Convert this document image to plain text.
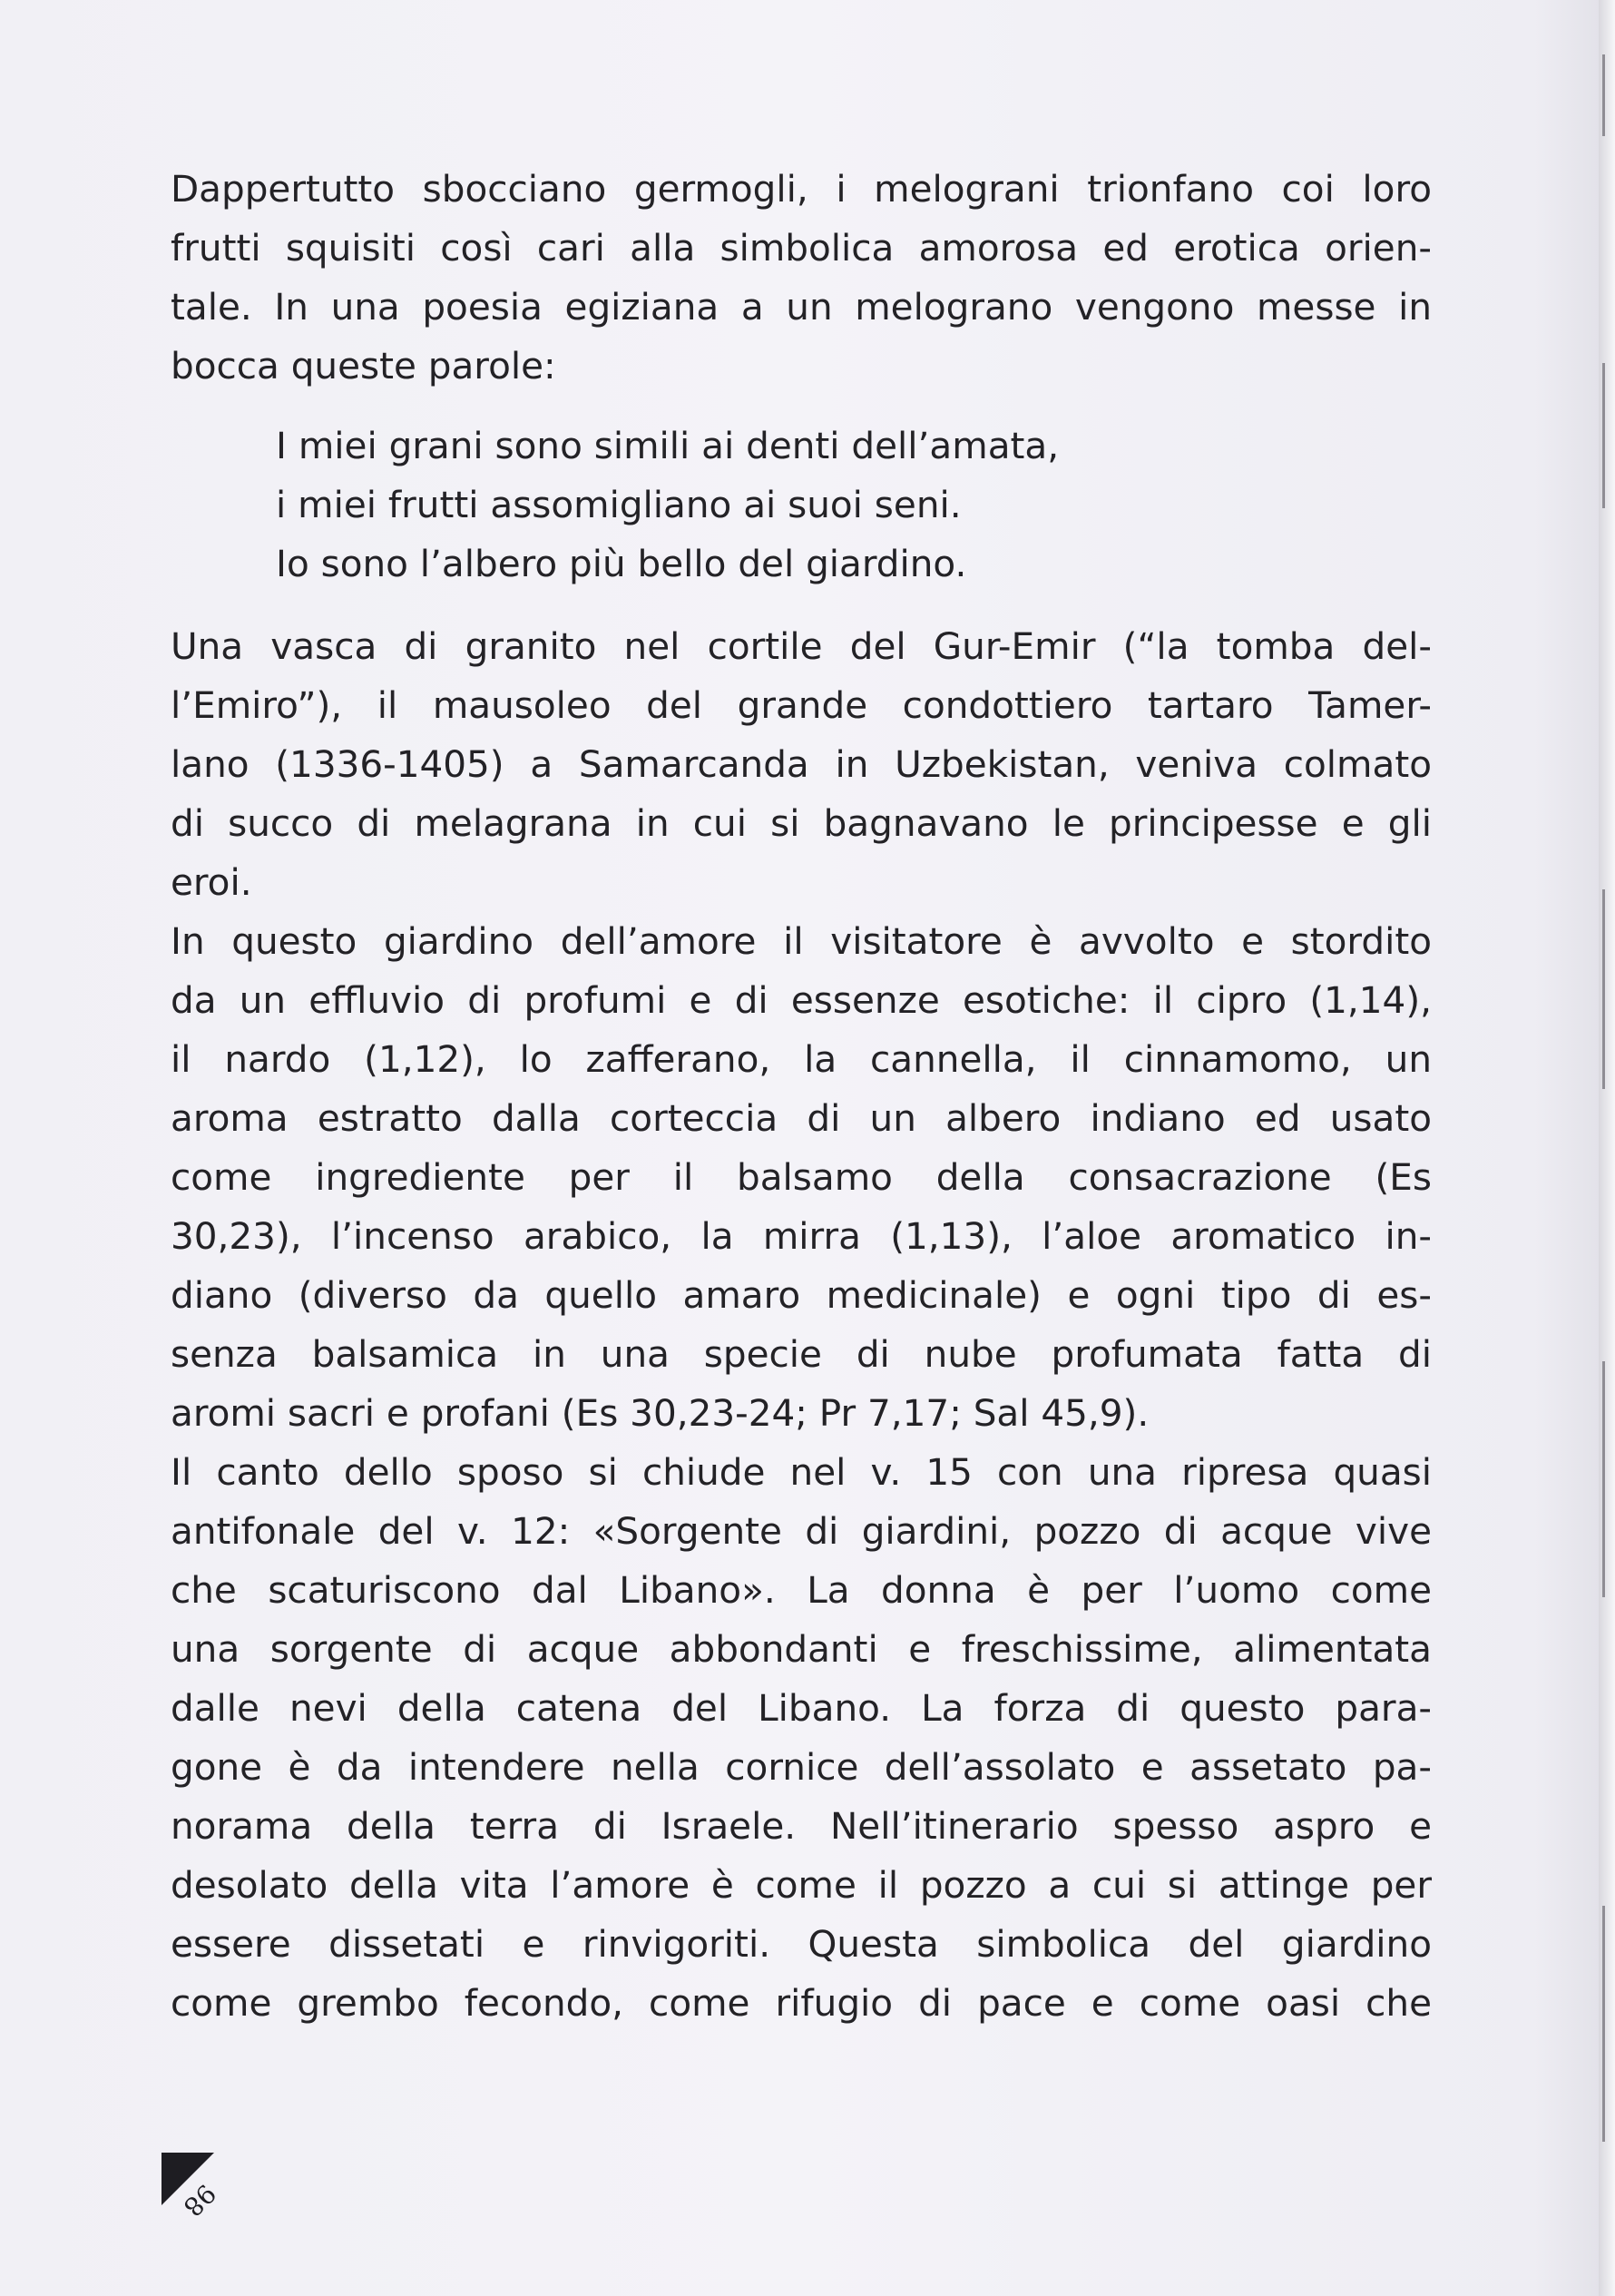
Dappertutto sbocciano germogli, i melograni trionfano coi loro
frutti squisiti così cari alla simbolica amorosa ed erotica orien-
tale. In una poesia egiziana a un melograno vengono messe in
bocca queste parole:

I miei grani sono simili ai denti dell’amata,
i miei frutti assomigliano ai suoi seni.
Io sono l’albero più bello del giardino.

Una vasca di granito nel cortile del Gur-Emir (“la tomba del-
l’Emiro”), il mausoleo del grande condottiero tartaro Tamer-
lano (1336-1405) a Samarcanda in Uzbekistan, veniva colmato
di succo di melagrana in cui si bagnavano le principesse e gli
eroi.

In questo giardino dell’amore il visitatore è avvolto e stordito
da un effluvio di profumi e di essenze esotiche: il cipro (1,14),
il nardo (1,12), lo zafferano, la cannella, il cinnamomo, un
aroma estratto dalla corteccia di un albero indiano ed usato
come ingrediente per il balsamo della consacrazione (Es
30,23), l’incenso arabico, la mirra (1,13), l’aloe aromatico in-
diano (diverso da quello amaro medicinale) e ogni tipo di es-
senza balsamica in una specie di nube profumata fatta di
aromi sacri e profani (Es 30,23-24; Pr 7,17; Sal 45,9).

Il canto dello sposo si chiude nel v. 15 con una ripresa quasi
antifonale del v. 12: «Sorgente di giardini, pozzo di acque vive
che scaturiscono dal Libano». La donna è per l’uomo come
una sorgente di acque abbondanti e freschissime, alimentata
dalle nevi della catena del Libano. La forza di questo para-
gone è da intendere nella cornice dell’assolato e assetato pa-
norama della terra di Israele. Nell’itinerario spesso aspro e
desolato della vita l’amore è come il pozzo a cui si attinge per
essere dissetati e rinvigoriti. Questa simbolica del giardino
come grembo fecondo, come rifugio di pace e come oasi che

98
